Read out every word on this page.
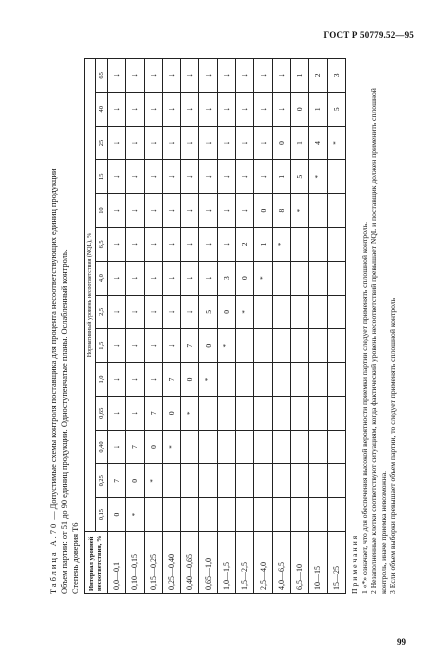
ГОСТ Р 50779.52—95
Таблица А.70 — Допустимые схемы контроля поставщика для процента несоответствующих единиц продукции Объем партии: от 51 до 90 единиц продукции. Одноступенчатые планы. Ослабленный контроль. Степень доверия Т6 Интервал уровней несоответствия, %	Нормативный уровень несоответствия (NQL), %													
	0,15	0,25	0,40	0,65	1,0	1,5	2,5	4,0	6,5	10	15	25	40	65
0,0—0,1	0	7	↓	↓	↓	↓	↓	↓	↓	↓	↓	↓	↓	↓
0,10—0,15	*	0	7	↓	↓	↓	↓	↓	↓	↓	↓	↓	↓	↓
0,15—0,25		*	0	7	↓	↓	↓	↓	↓	↓	↓	↓	↓	↓
0,25—0,40			*	0	7	↓	↓	↓	↓	↓	↓	↓	↓	↓
0,40—0,65				*	0	7	↓	↓	↓	↓	↓	↓	↓	↓
0,65—1,0					*	0	5	↓	↓	↓	↓	↓	↓	↓
1,0—1,5						*	0	3	↓	↓	↓	↓	↓	↓
1,5—2,5							*	0	2	↓	↓	↓	↓	↓
2,5—4,0								*	1	0	↓	↓	↓	↓
4,0—6,5									*	8	1	0	↓	↓
6,5—10										*	5	1	0	1
10—15											*	4	1	2
15—25												*	5	3
Примечания 1 «*» означает, что для обеспечения высокой вероятности приемки партии следует применять сплошной контроль. 2 Незаполненные клетки соответствуют ситуациям, когда фактический уровень несоответствий превышает NQL и поставщик должен применить сплошной контроль, иначе приемка невозможна. 3 Если объем выборки превышает объем партии, то следует применять сплошной контроль
99
